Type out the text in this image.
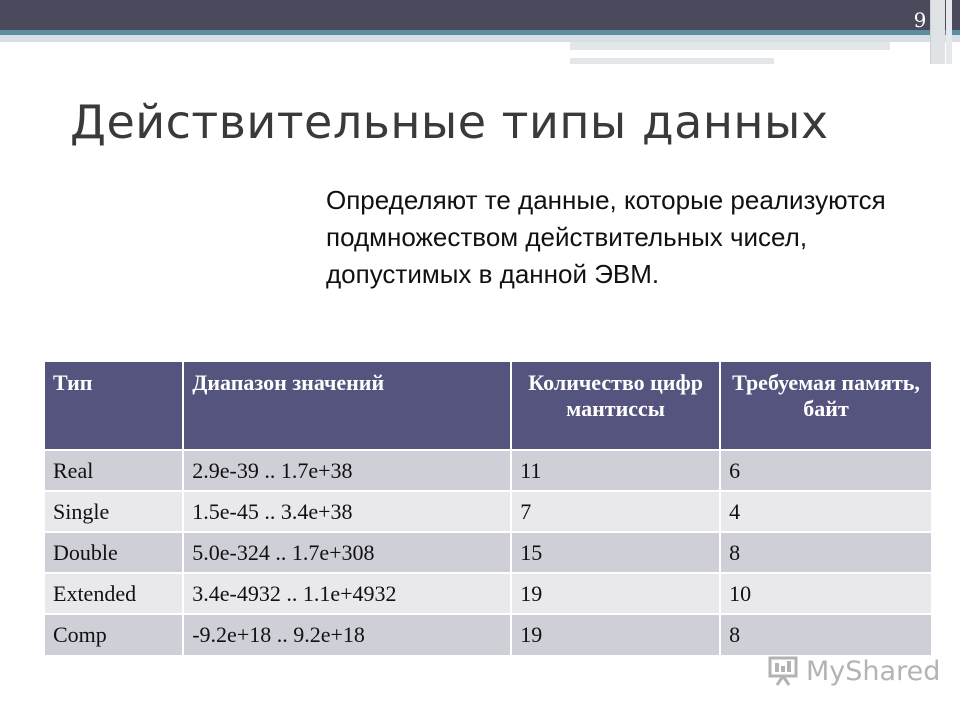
9
Действительные типы данных
Определяют те данные, которые реализуются подмножеством действительных чисел, допустимых в данной ЭВМ.
Тип	Диапазон значений	Количество цифр мантиссы	Требуемая память, байт
Real	2.9e-39 .. 1.7e+38	11	6
Single	1.5e-45 .. 3.4e+38	7	4
Double	5.0e-324 .. 1.7e+308	15	8
Extended	3.4e-4932 .. 1.1e+4932	19	10
Comp	-9.2e+18 .. 9.2e+18	19	8
MyShared
